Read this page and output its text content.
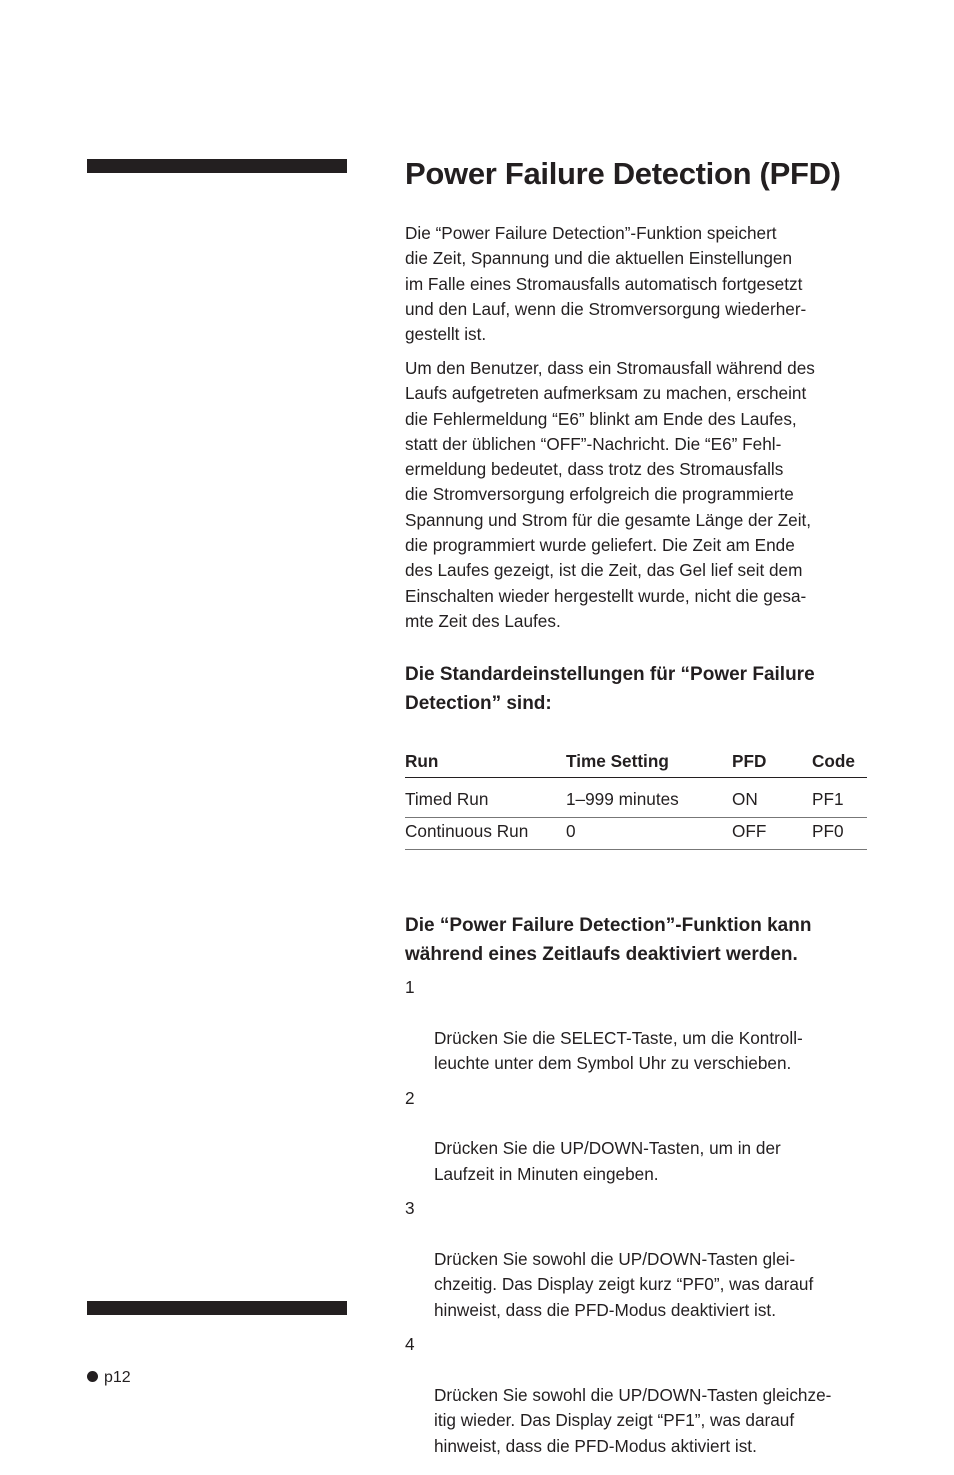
Power Failure Detection (PFD)

Die “Power Failure Detection”-Funktion speichert
die Zeit, Spannung und die aktuellen Einstellungen
im Falle eines Stromausfalls automatisch fortgesetzt
und den Lauf, wenn die Stromversorgung wiederher-
gestellt ist.

Um den Benutzer, dass ein Stromausfall während des
Laufs aufgetreten aufmerksam zu machen, erscheint
die Fehlermeldung “E6” blinkt am Ende des Laufes,
statt der üblichen “OFF”-Nachricht. Die “E6” Fehl-
ermeldung bedeutet, dass trotz des Stromausfalls
die Stromversorgung erfolgreich die programmierte
Spannung und Strom für die gesamte Länge der Zeit,
die programmiert wurde geliefert. Die Zeit am Ende
des Laufes gezeigt, ist die Zeit, das Gel lief seit dem
Einschalten wieder hergestellt wurde, nicht die gesa-
mte Zeit des Laufes.

Die Standardeinstellungen für “Power Failure
Detection” sind:
Run	Time Setting	PFD	Code
Timed Run	1–999 minutes	ON	PF1
Continuous Run 0	OFF	PF0
Die “Power Failure Detection”-Funktion kann
während eines Zeitlaufs deaktiviert werden.

1

Drücken Sie die SELECT-Taste, um die Kontroll-
leuchte unter dem Symbol Uhr zu verschieben.

2

Drücken Sie die UP/DOWN-Tasten, um in der
Laufzeit in Minuten eingeben.

3

Drücken Sie sowohl die UP/DOWN-Tasten glei-
chzeitig. Das Display zeigt kurz “PF0”, was darauf
hinweist, dass die PFD-Modus deaktiviert ist.

4

Drücken Sie sowohl die UP/DOWN-Tasten gleichze-
itig wieder. Das Display zeigt “PF1”, was darauf
hinweist, dass die PFD-Modus aktiviert ist.

p12
